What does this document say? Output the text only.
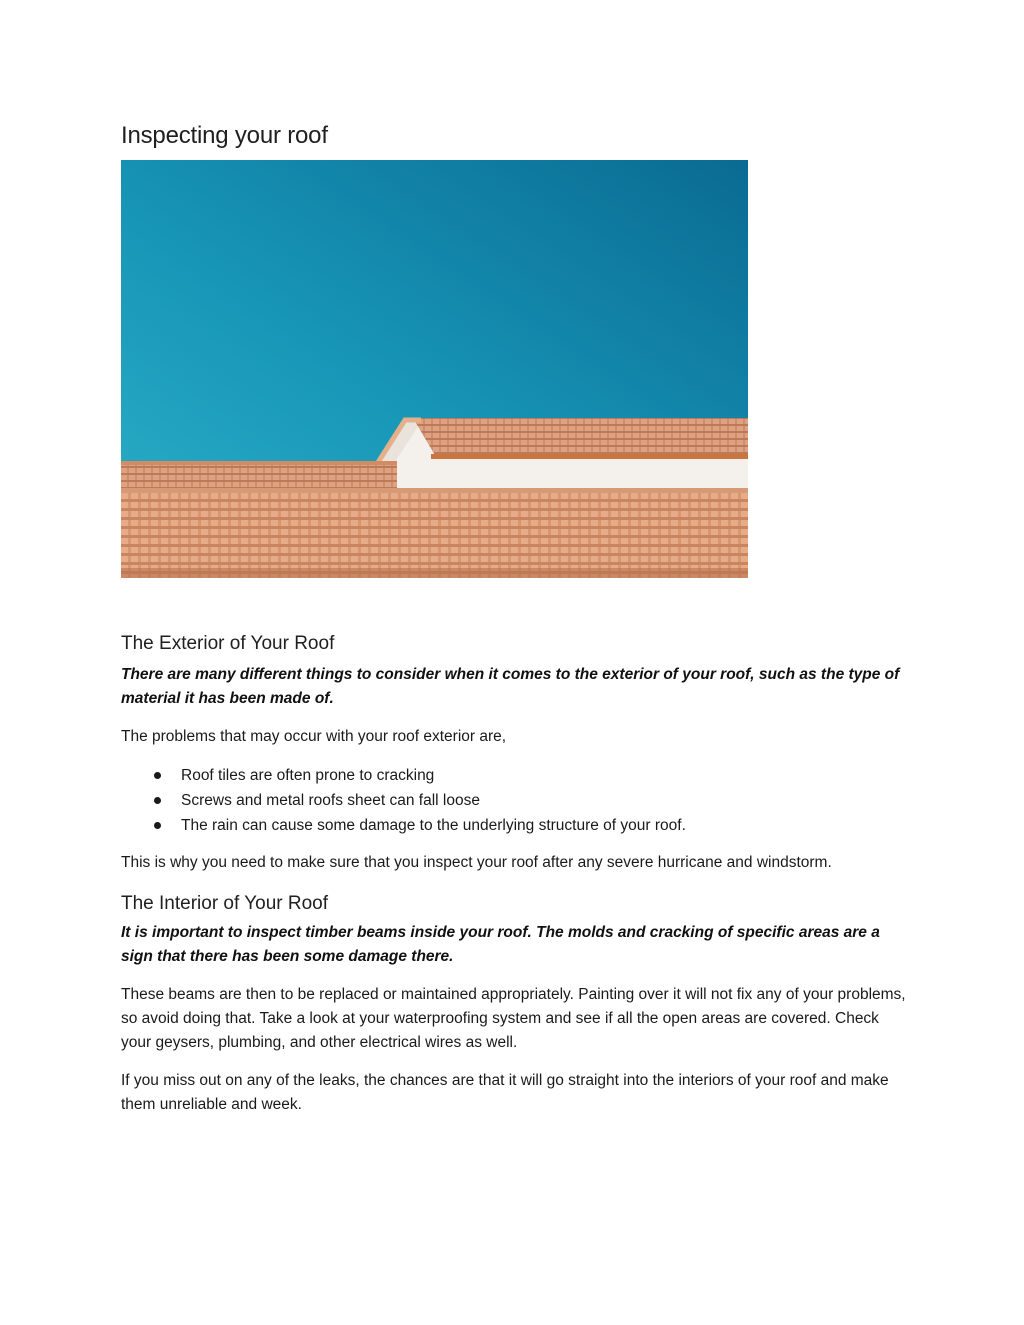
Inspecting your roof
The Exterior of Your Roof

There are many different things to consider when it comes to the exterior of your roof, such as the type of material it has been made of.

The problems that may occur with your roof exterior are,

Roof tiles are often prone to cracking
Screws and metal roofs sheet can fall loose
The rain can cause some damage to the underlying structure of your roof.

This is why you need to make sure that you inspect your roof after any severe hurricane and windstorm.

The Interior of Your Roof

It is important to inspect timber beams inside your roof. The molds and cracking of specific areas are a sign that there has been some damage there.

These beams are then to be replaced or maintained appropriately. Painting over it will not fix any of your problems, so avoid doing that. Take a look at your waterproofing system and see if all the open areas are covered. Check your geysers, plumbing, and other electrical wires as well.

If you miss out on any of the leaks, the chances are that it will go straight into the interiors of your roof and make them unreliable and week.
